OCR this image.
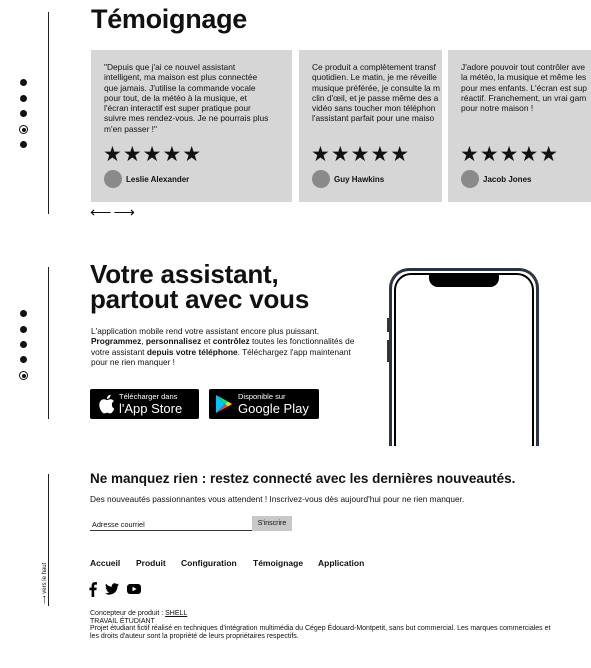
Témoignage
"Depuis que j'ai ce nouvel assistant
intelligent, ma maison est plus connectée
que jamais. J'utilise la commande vocale
pour tout, de la météo à la musique, et
l'écran interactif est super pratique pour
suivre mes rendez-vous. Je ne pourrais plus
m'en passer !"
★★★★★
Leslie Alexander
Ce produit a complètement transf
quotidien. Le matin, je me réveille
musique préférée, je consulte la m
clin d'œil, et je passe même des a
vidéo sans toucher mon téléphon
l'assistant parfait pour une maiso
★★★★★
Guy Hawkins
J'adore pouvoir tout contrôler ave
la météo, la musique et même les
pour mes enfants. L'écran est sup
réactif. Franchement, un vrai gam
pour notre maison !
★★★★★
Jacob Jones
⟵⟶
Votre assistant,
partout avec vous
L'application mobile rend votre assistant encore plus puissant.
Programmez, personnalisez et contrôlez toutes les fonctionnalités de votre assistant depuis votre téléphone. Téléchargez l'app maintenant pour ne rien manquer !
Télécharger dans
l'App Store
Disponible sur
Google Play
⟶ vers le haut
Ne manquez rien : restez connecté avec les dernières nouveautés.
Des nouveautés passionnantes vous attendent ! Inscrivez-vous dès aujourd'hui pour ne rien manquer.
Adresse courriel
S'inscrire
Accueil Produit Configuration Témoignage Application
Concepteur de produit : SHELL
TRAVAIL ÉTUDIANT
Projet étudiant fictif réalisé en techniques d'intégration multimédia du Cégep Édouard-Montpetit, sans but commercial. Les marques commerciales et les droits d'auteur sont la propriété de leurs propriétaires respectifs.
